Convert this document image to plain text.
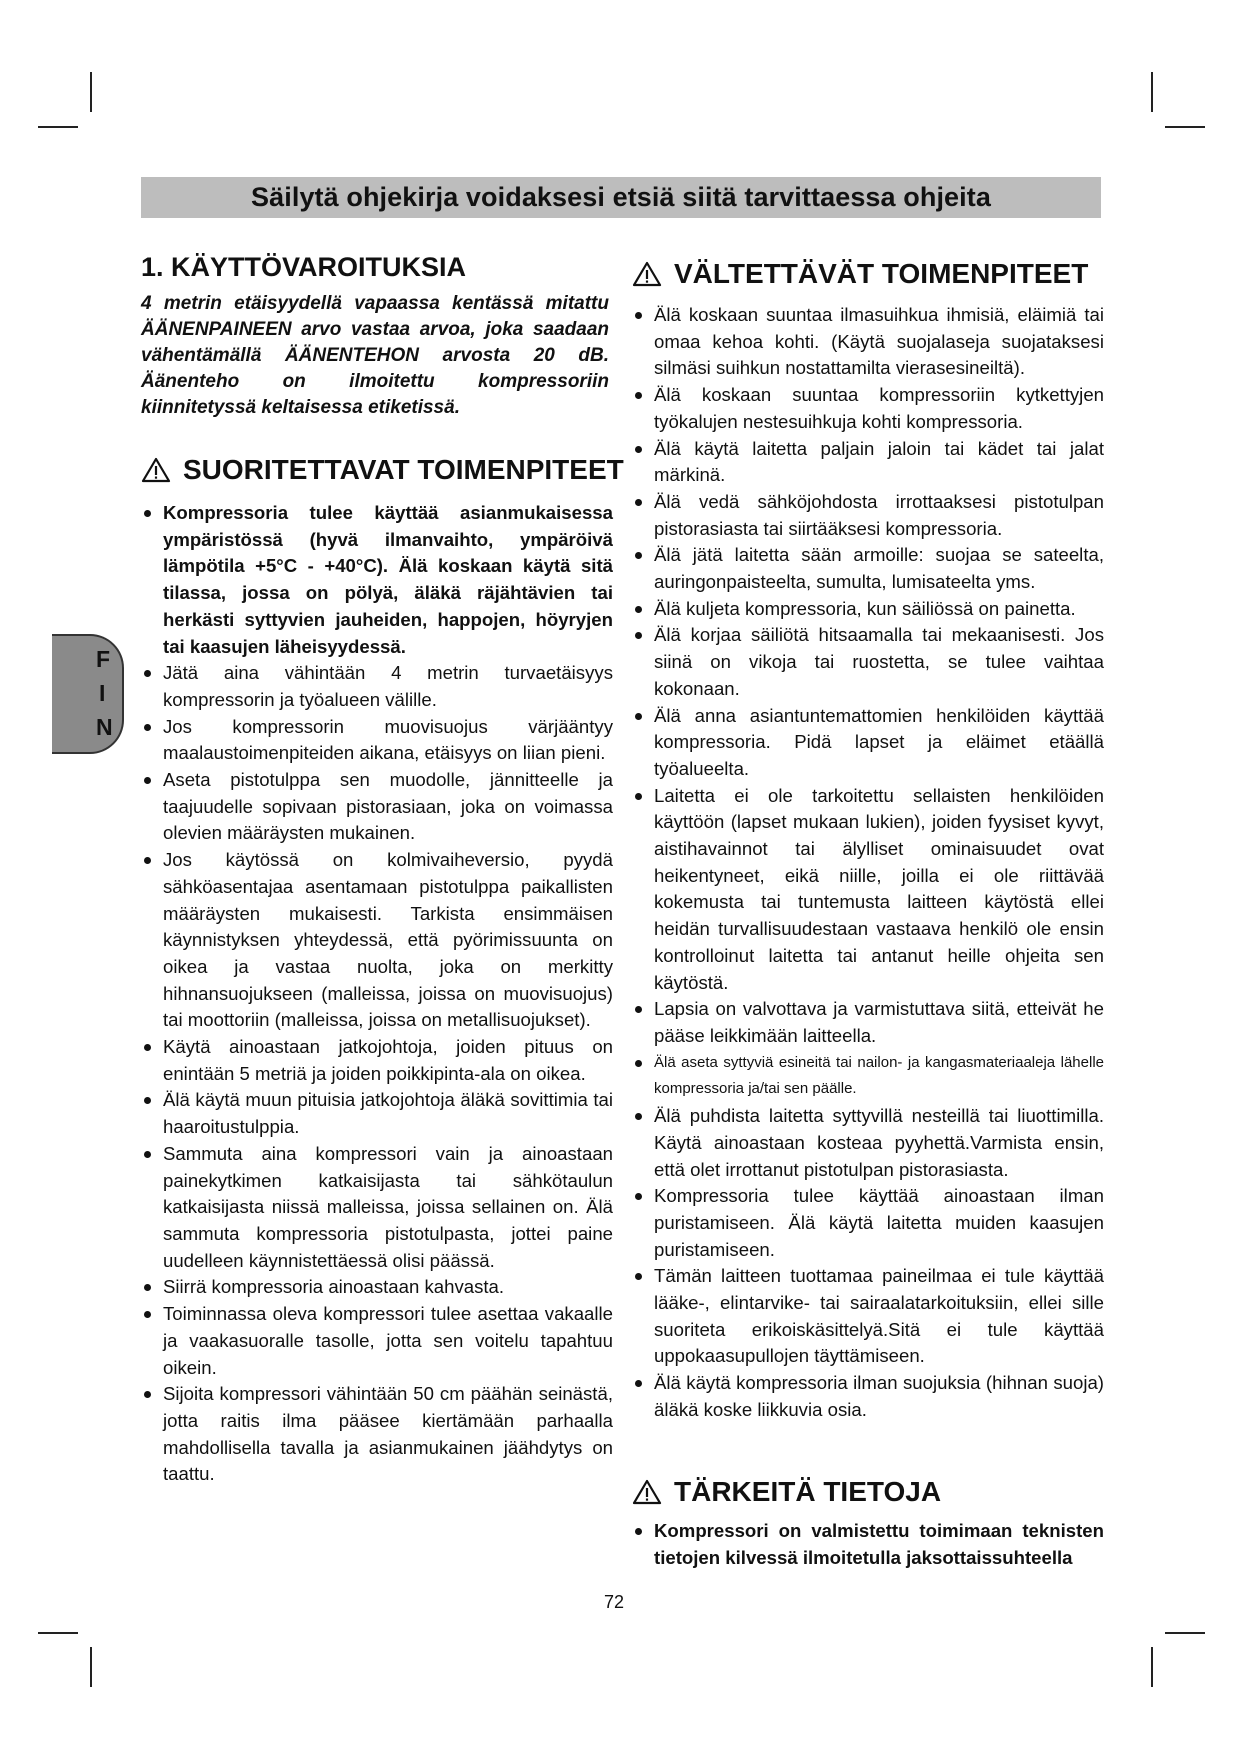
Säilytä ohjekirja voidaksesi etsiä siitä tarvittaessa ohjeita
F
I
N
1. KÄYTTÖVAROITUKSIA

4 metrin etäisyydellä vapaassa kentässä mitattu ÄÄNENPAINEEN arvo vastaa arvoa, joka saadaan vähentämällä ÄÄNENTEHON arvosta 20 dB. Äänenteho on ilmoitettu kompressoriin kiinnitetyssä keltaisessa etiketissä.

SUORITETTAVAT TOIMENPITEET
Kompressoria tulee käyttää asianmukaisessa ympäristössä (hyvä ilmanvaihto, ympäröivä lämpötila +5°C - +40°C). Älä koskaan käytä sitä tilassa, jossa on pölyä, äläkä räjähtävien tai herkästi syttyvien jauheiden, happojen, höyryjen tai kaasujen läheisyydessä.
Jätä aina vähintään 4 metrin turvaetäisyys kompressorin ja työalueen välille.
Jos kompressorin muovisuojus värjääntyy maalaustoimenpiteiden aikana, etäisyys on liian pieni.
Aseta pistotulppa sen muodolle, jännitteelle ja taajuudelle sopivaan pistorasiaan, joka on voimassa olevien määräysten mukainen.
Jos käytössä on kolmivaiheversio, pyydä sähköasentajaa asentamaan pistotulppa paikallisten määräysten mukaisesti. Tarkista ensimmäisen käynnistyksen yhteydessä, että pyörimissuunta on oikea ja vastaa nuolta, joka on merkitty hihnansuojukseen (malleissa, joissa on muovisuojus) tai moottoriin (malleissa, joissa on metallisuojukset).
Käytä ainoastaan jatkojohtoja, joiden pituus on enintään 5 metriä ja joiden poikkipinta-ala on oikea.
Älä käytä muun pituisia jatkojohtoja äläkä sovittimia tai haaroitustulppia.
Sammuta aina kompressori vain ja ainoastaan painekytkimen katkaisijasta tai sähkötaulun katkaisijasta niissä malleissa, joissa sellainen on. Älä sammuta kompressoria pistotulpasta, jottei paine uudelleen käynnistettäessä olisi päässä.
Siirrä kompressoria ainoastaan kahvasta.
Toiminnassa oleva kompressori tulee asettaa vakaalle ja vaakasuoralle tasolle, jotta sen voitelu tapahtuu oikein.
Sijoita kompressori vähintään 50 cm päähän seinästä, jotta raitis ilma pääsee kiertämään parhaalla mahdollisella tavalla ja asianmukainen jäähdytys on taattu.
VÄLTETTÄVÄT TOIMENPITEET
Älä koskaan suuntaa ilmasuihkua ihmisiä, eläimiä tai omaa kehoa kohti. (Käytä suojalaseja suojataksesi silmäsi suihkun nostattamilta vierasesineiltä).
Älä koskaan suuntaa kompressoriin kytkettyjen työkalujen nestesuihkuja kohti kompressoria.
Älä käytä laitetta paljain jaloin tai kädet tai jalat märkinä.
Älä vedä sähköjohdosta irrottaaksesi pistotulpan pistorasiasta tai siirtääksesi kompressoria.
Älä jätä laitetta sään armoille: suojaa se sateelta, auringonpaisteelta, sumulta, lumisateelta yms.
Älä kuljeta kompressoria, kun säiliössä on painetta.
Älä korjaa säiliötä hitsaamalla tai mekaanisesti. Jos siinä on vikoja tai ruostetta, se tulee vaihtaa kokonaan.
Älä anna asiantuntemattomien henkilöiden käyttää kompressoria. Pidä lapset ja eläimet etäällä työalueelta.
Laitetta ei ole tarkoitettu sellaisten henkilöiden käyttöön (lapset mukaan lukien), joiden fyysiset kyvyt, aistihavainnot tai älylliset ominaisuudet ovat heikentyneet, eikä niille, joilla ei ole riittävää kokemusta tai tuntemusta laitteen käytöstä ellei heidän turvallisuudestaan vastaava henkilö ole ensin kontrolloinut laitetta tai antanut heille ohjeita sen käytöstä.
Lapsia on valvottava ja varmistuttava siitä, etteivät he pääse leikkimään laitteella.
Älä aseta syttyviä esineitä tai nailon- ja kangasmateriaaleja lähelle kompressoria ja/tai sen päälle.
Älä puhdista laitetta syttyvillä nesteillä tai liuottimilla. Käytä ainoastaan kosteaa pyyhettä.Varmista ensin, että olet irrottanut pistotulpan pistorasiasta.
Kompressoria tulee käyttää ainoastaan ilman puristamiseen. Älä käytä laitetta muiden kaasujen puristamiseen.
Tämän laitteen tuottamaa paineilmaa ei tule käyttää lääke-, elintarvike- tai sairaalatarkoituksiin, ellei sille suoriteta erikoiskäsittelyä.Sitä ei tule käyttää uppokaasupullojen täyttämiseen.
Älä käytä kompressoria ilman suojuksia (hihnan suoja) äläkä koske liikkuvia osia.
TÄRKEITÄ TIETOJA
Kompressori on valmistettu toimimaan teknisten tietojen kilvessä ilmoitetulla jaksottaissuhteella
72
